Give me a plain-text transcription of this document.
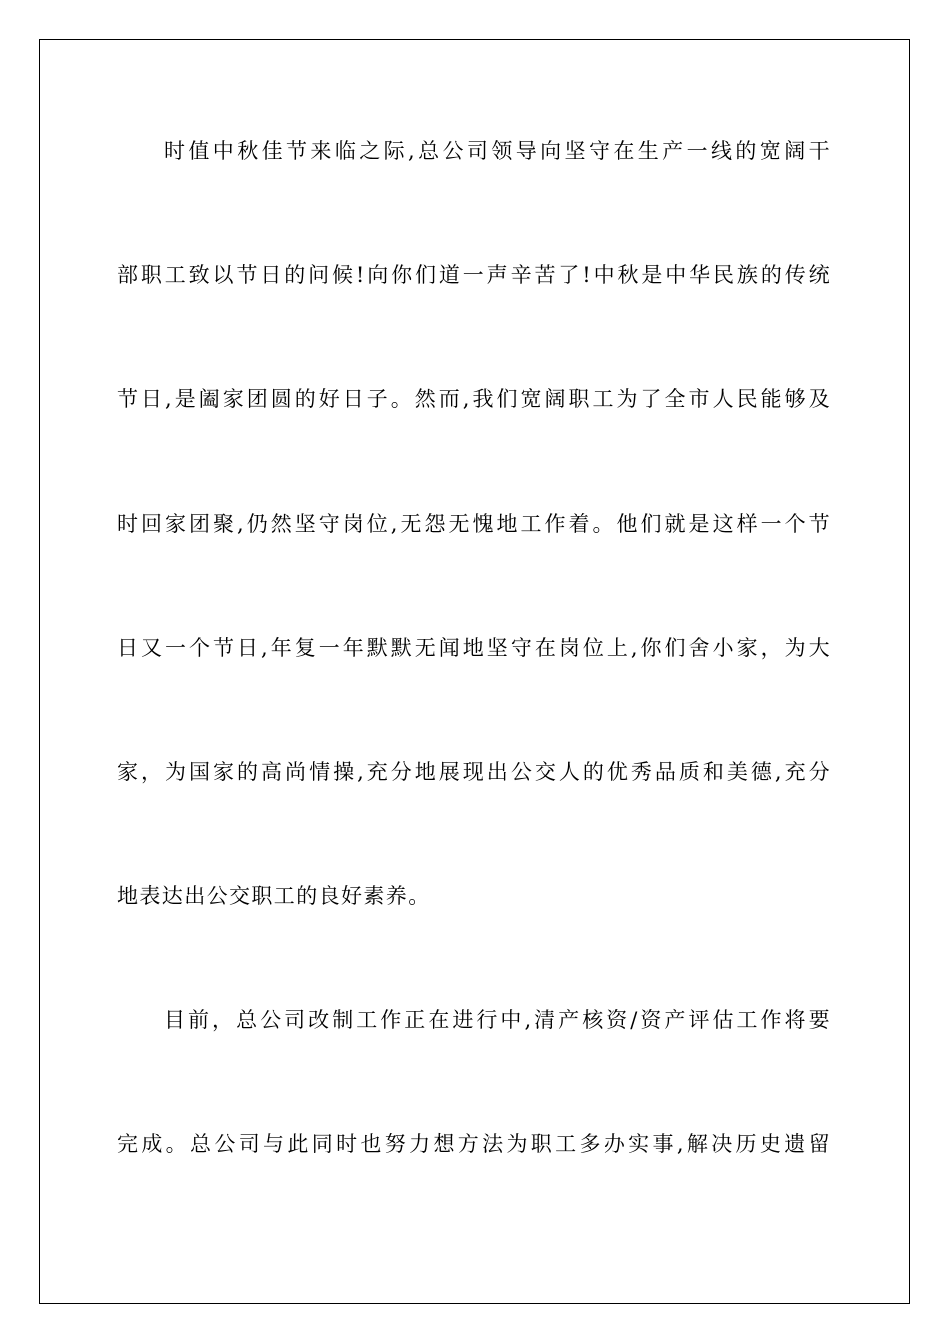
时值中秋佳节来临之际,总公司领导向坚守在生产一线的宽阔干
部职工致以节日的问候!向你们道一声辛苦了!中秋是中华民族的传统
节日,是阖家团圆的好日子。然而,我们宽阔职工为了全市人民能够及
时回家团聚,仍然坚守岗位,无怨无愧地工作着。他们就是这样一个节
日又一个节日,年复一年默默无闻地坚守在岗位上,你们舍小家，为大
家，为国家的高尚情操,充分地展现出公交人的优秀品质和美德,充分
地表达出公交职工的良好素养。
目前，总公司改制工作正在进行中,清产核资/资产评估工作将要
完成。总公司与此同时也努力想方法为职工多办实事,解决历史遗留
